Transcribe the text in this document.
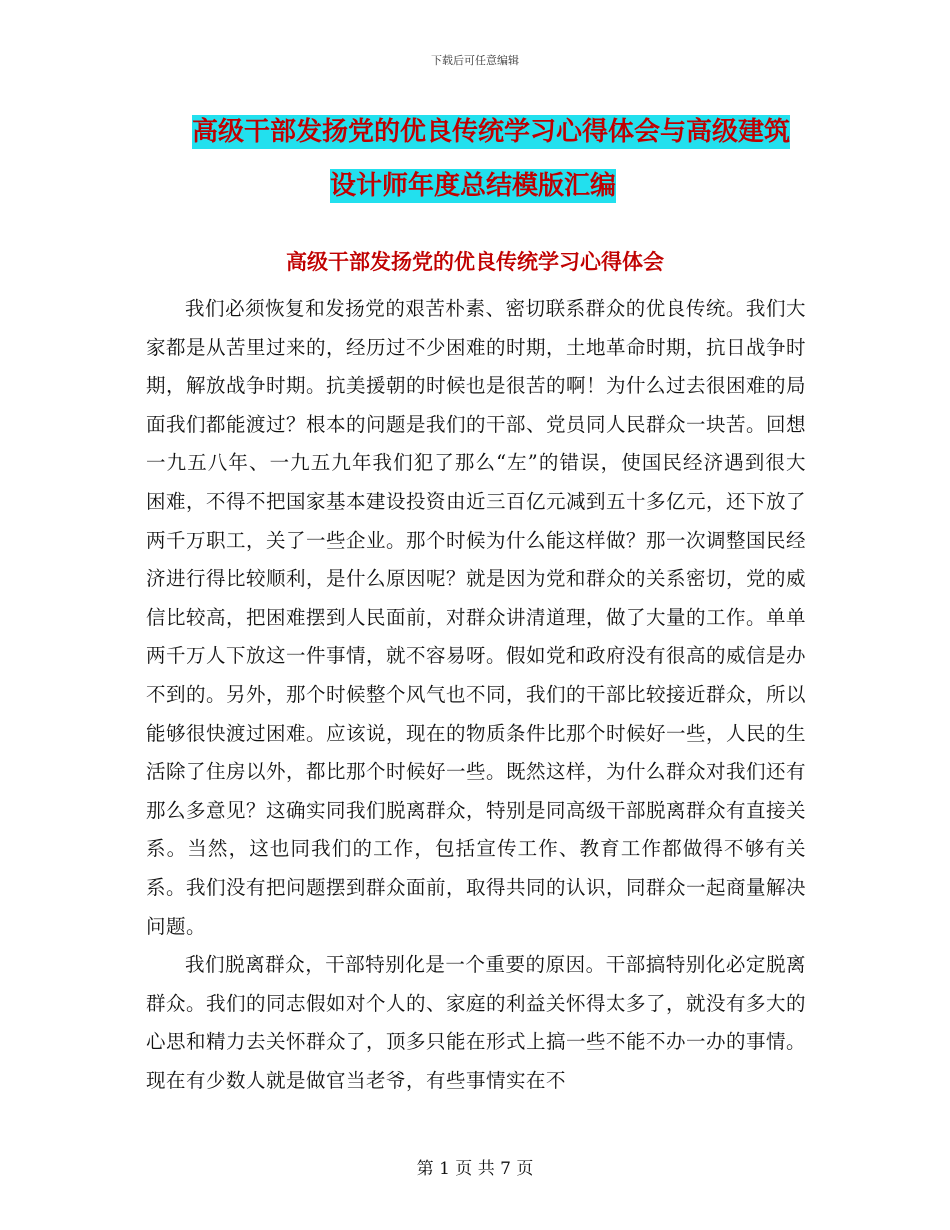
下载后可任意编辑
高级干部发扬党的优良传统学习心得体会与高级建筑
设计师年度总结模版汇编
高级干部发扬党的优良传统学习心得体会

我们必须恢复和发扬党的艰苦朴素、密切联系群众的优良传统。我们大家都是从苦里过来的，经历过不少困难的时期，土地革命时期，抗日战争时期，解放战争时期。抗美援朝的时候也是很苦的啊！为什么过去很困难的局面我们都能渡过？根本的问题是我们的干部、党员同人民群众一块苦。回想一九五八年、一九五九年我们犯了那么“左”的错误，使国民经济遇到很大困难，不得不把国家基本建设投资由近三百亿元减到五十多亿元，还下放了两千万职工，关了一些企业。那个时候为什么能这样做？那一次调整国民经济进行得比较顺利，是什么原因呢？就是因为党和群众的关系密切，党的威信比较高，把困难摆到人民面前，对群众讲清道理，做了大量的工作。单单两千万人下放这一件事情，就不容易呀。假如党和政府没有很高的威信是办不到的。另外，那个时候整个风气也不同，我们的干部比较接近群众，所以能够很快渡过困难。应该说，现在的物质条件比那个时候好一些，人民的生活除了住房以外，都比那个时候好一些。既然这样，为什么群众对我们还有那么多意见？这确实同我们脱离群众，特别是同高级干部脱离群众有直接关系。当然，这也同我们的工作，包括宣传工作、教育工作都做得不够有关系。我们没有把问题摆到群众面前，取得共同的认识，同群众一起商量解决问题。

我们脱离群众，干部特别化是一个重要的原因。干部搞特别化必定脱离群众。我们的同志假如对个人的、家庭的利益关怀得太多了，就没有多大的心思和精力去关怀群众了，顶多只能在形式上搞一些不能不办一办的事情。现在有少数人就是做官当老爷，有些事情实在不

第 1 页 共 7 页
